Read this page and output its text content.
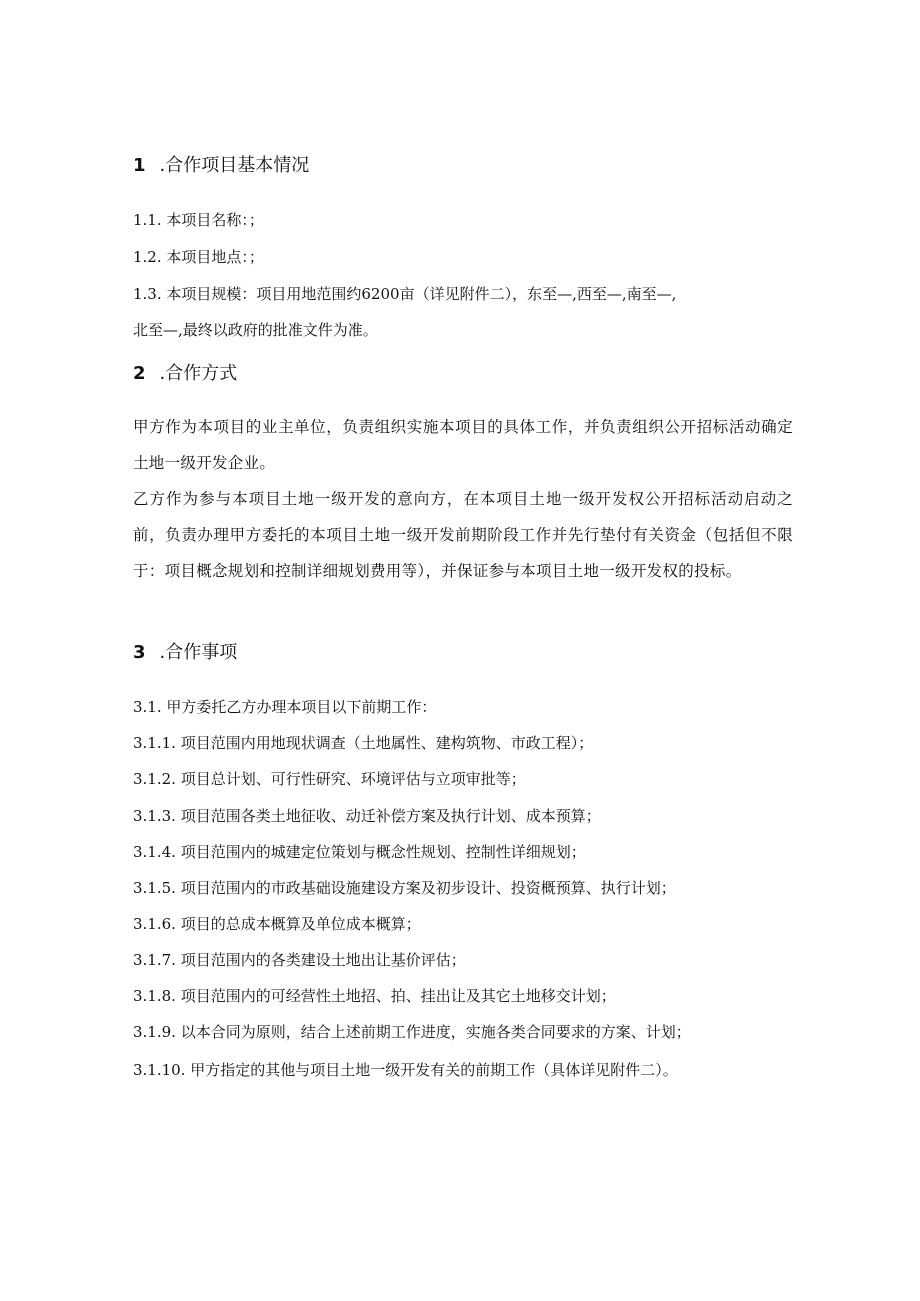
1 .合作项目基本情况
1.1. 本项目名称：；
1.2. 本项目地点：；
1.3. 本项目规模：项目用地范围约6200亩（详见附件二），东至—,西至—,南至—,
北至—,最终以政府的批准文件为准。
2 .合作方式
甲方作为本项目的业主单位，负责组织实施本项目的具体工作，并负责组织公开招标活动确定土地一级开发企业。
乙方作为参与本项目土地一级开发的意向方，在本项目土地一级开发权公开招标活动启动之前，负责办理甲方委托的本项目土地一级开发前期阶段工作并先行垫付有关资金（包括但不限于：项目概念规划和控制详细规划费用等），并保证参与本项目土地一级开发权的投标。
3 .合作事项
3.1. 甲方委托乙方办理本项目以下前期工作：
3.1.1. 项目范围内用地现状调查（土地属性、建构筑物、市政工程）；
3.1.2. 项目总计划、可行性研究、环境评估与立项审批等；
3.1.3. 项目范围各类土地征收、动迁补偿方案及执行计划、成本预算；
3.1.4. 项目范围内的城建定位策划与概念性规划、控制性详细规划；
3.1.5. 项目范围内的市政基础设施建设方案及初步设计、投资概预算、执行计划；
3.1.6. 项目的总成本概算及单位成本概算；
3.1.7. 项目范围内的各类建设土地出让基价评估；
3.1.8. 项目范围内的可经营性土地招、拍、挂出让及其它土地移交计划；
3.1.9. 以本合同为原则，结合上述前期工作进度，实施各类合同要求的方案、计划；
3.1.10. 甲方指定的其他与项目土地一级开发有关的前期工作（具体详见附件二）。
